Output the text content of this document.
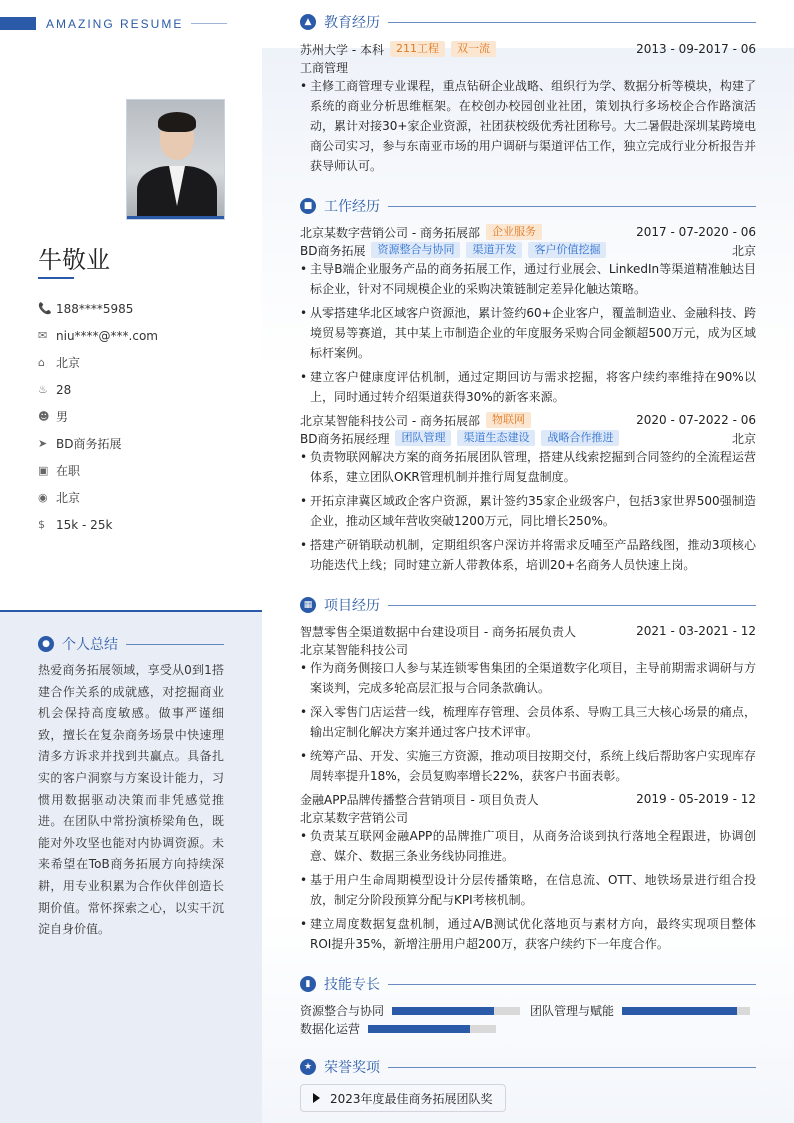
AMAZING RESUME
牛敬业
📞 188****5985
✉ niu****@***.com
⌂ 北京
♨ 28
☻ 男
➤ BD商务拓展
▣ 在职
◉ 北京
$ 15k - 25k
● 个人总结
热爱商务拓展领域，享受从0到1搭建合作关系的成就感，对挖掘商业机会保持高度敏感。做事严谨细致，擅长在复杂商务场景中快速理清多方诉求并找到共赢点。具备扎实的客户洞察与方案设计能力，习惯用数据驱动决策而非凭感觉推进。在团队中常扮演桥梁角色，既能对外攻坚也能对内协调资源。未来希望在ToB商务拓展方向持续深耕，用专业积累为合作伙伴创造长期价值。常怀探索之心，以实干沉淀自身价值。
▲ 教育经历
苏州大学 - 本科	211工程	双一流	2013 - 09-2017 - 06
工商管理
• 主修工商管理专业课程，重点钻研企业战略、组织行为学、数据分析等模块，构建了系统的商业分析思维框架。在校创办校园创业社团，策划执行多场校企合作路演活动，累计对接30+家企业资源，社团获校级优秀社团称号。大二暑假赴深圳某跨境电商公司实习，参与东南亚市场的用户调研与渠道评估工作，独立完成行业分析报告并获导师认可。
■ 工作经历
北京某数字营销公司 - 商务拓展部	企业服务	2017 - 07-2020 - 06
BD商务拓展	资源整合与协同	渠道开发	客户价值挖掘	北京
• 主导B端企业服务产品的商务拓展工作，通过行业展会、LinkedIn等渠道精准触达目标企业，针对不同规模企业的采购决策链制定差异化触达策略。
• 从零搭建华北区域客户资源池，累计签约60+企业客户，覆盖制造业、金融科技、跨境贸易等赛道，其中某上市制造企业的年度服务采购合同金额超500万元，成为区域标杆案例。
• 建立客户健康度评估机制，通过定期回访与需求挖掘，将客户续约率维持在90%以上，同时通过转介绍渠道获得30%的新客来源。
北京某智能科技公司 - 商务拓展部	物联网	2020 - 07-2022 - 06
BD商务拓展经理	团队管理	渠道生态建设	战略合作推进	北京
• 负责物联网解决方案的商务拓展团队管理，搭建从线索挖掘到合同签约的全流程运营体系，建立团队OKR管理机制并推行周复盘制度。
• 开拓京津冀区域政企客户资源，累计签约35家企业级客户，包括3家世界500强制造企业，推动区域年营收突破1200万元，同比增长250%。
• 搭建产研销联动机制，定期组织客户深访并将需求反哺至产品路线图，推动3项核心功能迭代上线；同时建立新人带教体系，培训20+名商务人员快速上岗。
▦ 项目经历
智慧零售全渠道数据中台建设项目 - 商务拓展负责人	2021 - 03-2021 - 12
北京某智能科技公司
• 作为商务侧接口人参与某连锁零售集团的全渠道数字化项目，主导前期需求调研与方案谈判，完成多轮高层汇报与合同条款确认。
• 深入零售门店运营一线，梳理库存管理、会员体系、导购工具三大核心场景的痛点，输出定制化解决方案并通过客户技术评审。
• 统筹产品、开发、实施三方资源，推动项目按期交付，系统上线后帮助客户实现库存周转率提升18%，会员复购率增长22%，获客户书面表彰。
金融APP品牌传播整合营销项目 - 项目负责人	2019 - 05-2019 - 12
北京某数字营销公司
• 负责某互联网金融APP的品牌推广项目，从商务洽谈到执行落地全程跟进，协调创意、媒介、数据三条业务线协同推进。
• 基于用户生命周期模型设计分层传播策略，在信息流、OTT、地铁场景进行组合投放，制定分阶段预算分配与KPI考核机制。
• 建立周度数据复盘机制，通过A/B测试优化落地页与素材方向，最终实现项目整体ROI提升35%，新增注册用户超200万，获客户续约下一年度合作。
▮ 技能专长
资源整合与协同	团队管理与赋能
数据化运营
★ 荣誉奖项
2023年度最佳商务拓展团队奖
